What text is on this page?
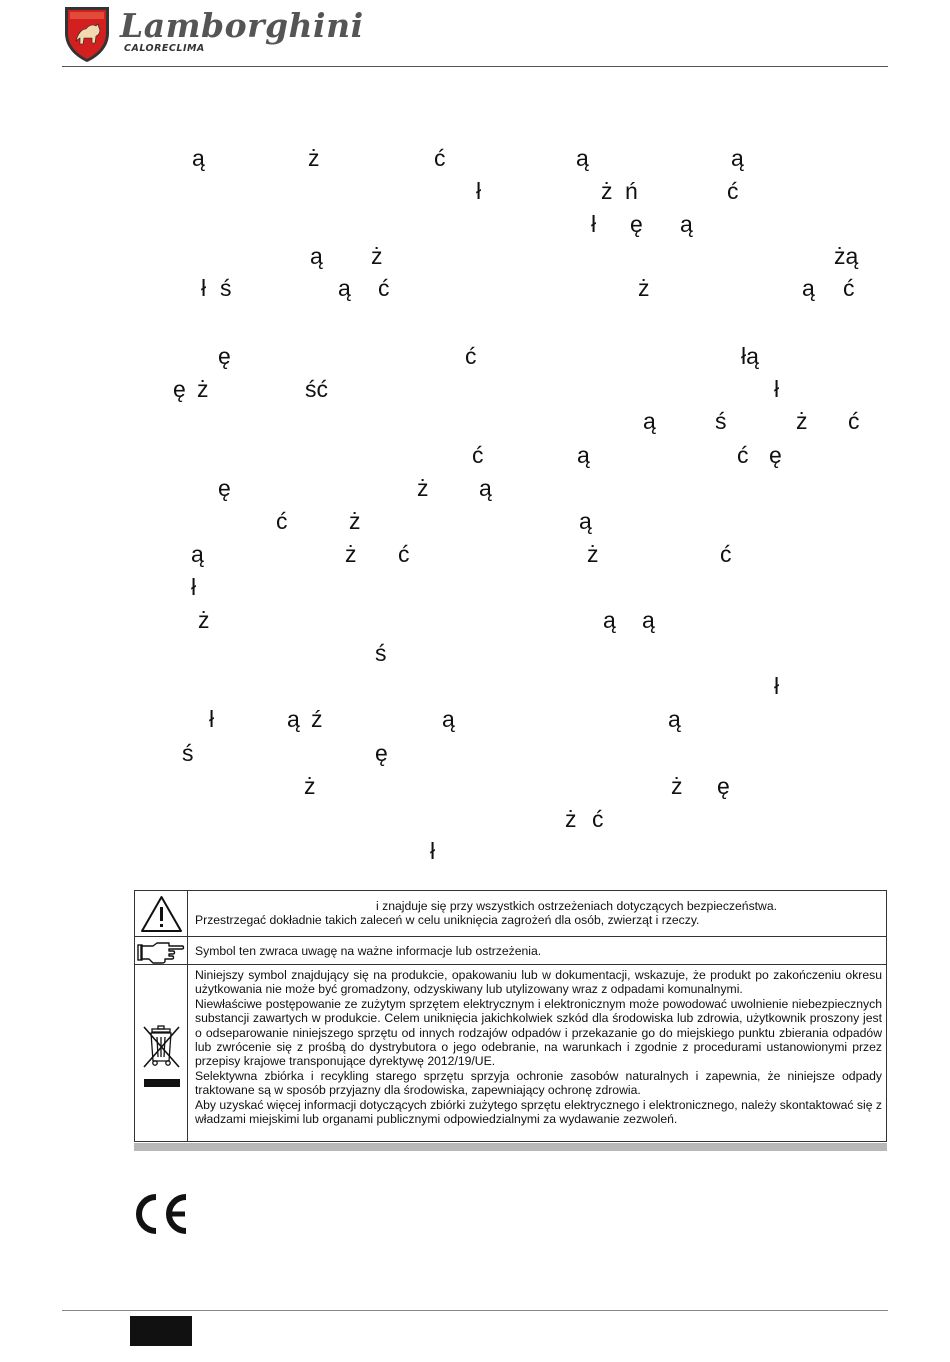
Lamborghini
CALORECLIMA
ą	ż	ć	ą	ą
ł	ż ń	ć
ł ę ą
ą ż	żą
ł ś	ą ć	ż	ą ć
ę	ć	łą
ę ż	ść	ł
ą	ś	ż ć
ć	ą	ć ę
ę	ż ą
ć	ż	ą
ą	ż ć	ż	ć
ł
ż	ą ą
ś
ł
ł	ą ź	ą	ą
ś	ę
ż	ż ę
ż ć
ł
i znajduje się przy wszystkich ostrzeżeniach dotyczących bezpieczeństwa.
Przestrzegać dokładnie takich zaleceń w celu uniknięcia zagrożeń dla osób, zwierząt i rzeczy.
Symbol ten zwraca uwagę na ważne informacje lub ostrzeżenia.

Niniejszy symbol znajdujący się na produkcie, opakowaniu lub w dokumentacji, wskazuje, że produkt po zakończeniu okresu użytkowania nie może być gromadzony, odzyskiwany lub utylizowany wraz z odpadami komunalnymi.

Niewłaściwe postępowanie ze zużytym sprzętem elektrycznym i elektronicznym może powodować uwolnienie niebezpiecznych substancji zawartych w produkcie. Celem uniknięcia jakichkolwiek szkód dla środowiska lub zdrowia, użytkownik proszony jest o odseparowanie niniejszego sprzętu od innych rodzajów odpadów i przekazanie go do miejskiego punktu zbierania odpadów lub zwrócenie się z prośbą do dystrybutora o jego odebranie, na warunkach i zgodnie z procedurami ustanowionymi przez przepisy krajowe transponujące dyrektywę 2012/19/UE.

Selektywna zbiórka i recykling starego sprzętu sprzyja ochronie zasobów naturalnych i zapewnia, że niniejsze odpady traktowane są w sposób przyjazny dla środowiska, zapewniający ochronę zdrowia.

Aby uzyskać więcej informacji dotyczących zbiórki zużytego sprzętu elektrycznego i elektronicznego, należy skontaktować się z władzami miejskimi lub organami publicznymi odpowiedzialnymi za wydawanie zezwoleń.
